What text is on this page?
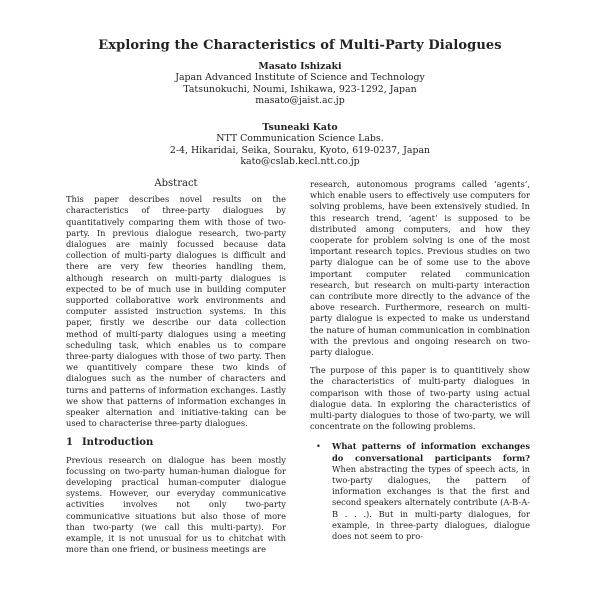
Exploring the Characteristics of Multi-Party Dialogues
Masato Ishizaki
Japan Advanced Institute of Science and Technology
Tatsunokuchi, Noumi, Ishikawa, 923-1292, Japan
masato@jaist.ac.jp
Tsuneaki Kato
NTT Communication Science Labs.
2-4, Hikaridai, Seika, Souraku, Kyoto, 619-0237, Japan
kato@cslab.kecl.ntt.co.jp
Abstract

This paper describes novel results on the characteristics of three-party dialogues by quantitatively comparing them with those of two-party. In previous dialogue research, two-party dialogues are mainly focussed because data collection of multi-party dialogues is difficult and there are very few theories handling them, although research on multi-party dialogues is expected to be of much use in building computer supported collaborative work environments and computer assisted instruction systems. In this paper, firstly we describe our data collection method of multi-party dialogues using a meeting scheduling task, which enables us to compare three-party dialogues with those of two party. Then we quantitively compare these two kinds of dialogues such as the number of characters and turns and patterns of information exchanges. Lastly we show that patterns of information exchanges in speaker alternation and initiative-taking can be used to characterise three-party dialogues.

1 Introduction

Previous research on dialogue has been mostly focussing on two-party human-human dialogue for developing practical human-computer dialogue systems. However, our everyday communicative activities involves not only two-party communicative situations but also those of more than two-party (we call this multi-party). For example, it is not unusual for us to chitchat with more than one friend, or business meetings are

research, autonomous programs called ‘agents’, which enable users to effectively use computers for solving problems, have been extensively studied. In this research trend, ‘agent’ is supposed to be distributed among computers, and how they cooperate for problem solving is one of the most important research topics. Previous studies on two party dialogue can be of some use to the above important computer related communication research, but research on multi-party interaction can contribute more directly to the advance of the above research. Furthermore, research on multi-party dialogue is expected to make us understand the nature of human communication in combination with the previous and ongoing research on two-party dialogue.

The purpose of this paper is to quantitively show the characteristics of multi-party dialogues in comparison with those of two-party using actual dialogue data. In exploring the characteristics of multi-party dialogues to those of two-party, we will concentrate on the following problems.

• What patterns of information exchanges do conversational participants form? When abstracting the types of speech acts, in two-party dialogues, the pattern of information exchanges is that the first and second speakers alternately contribute (A-B-A-B . . .). But in multi-party dialogues, for example, in three-party dialogues, dialogue does not seem to pro-
